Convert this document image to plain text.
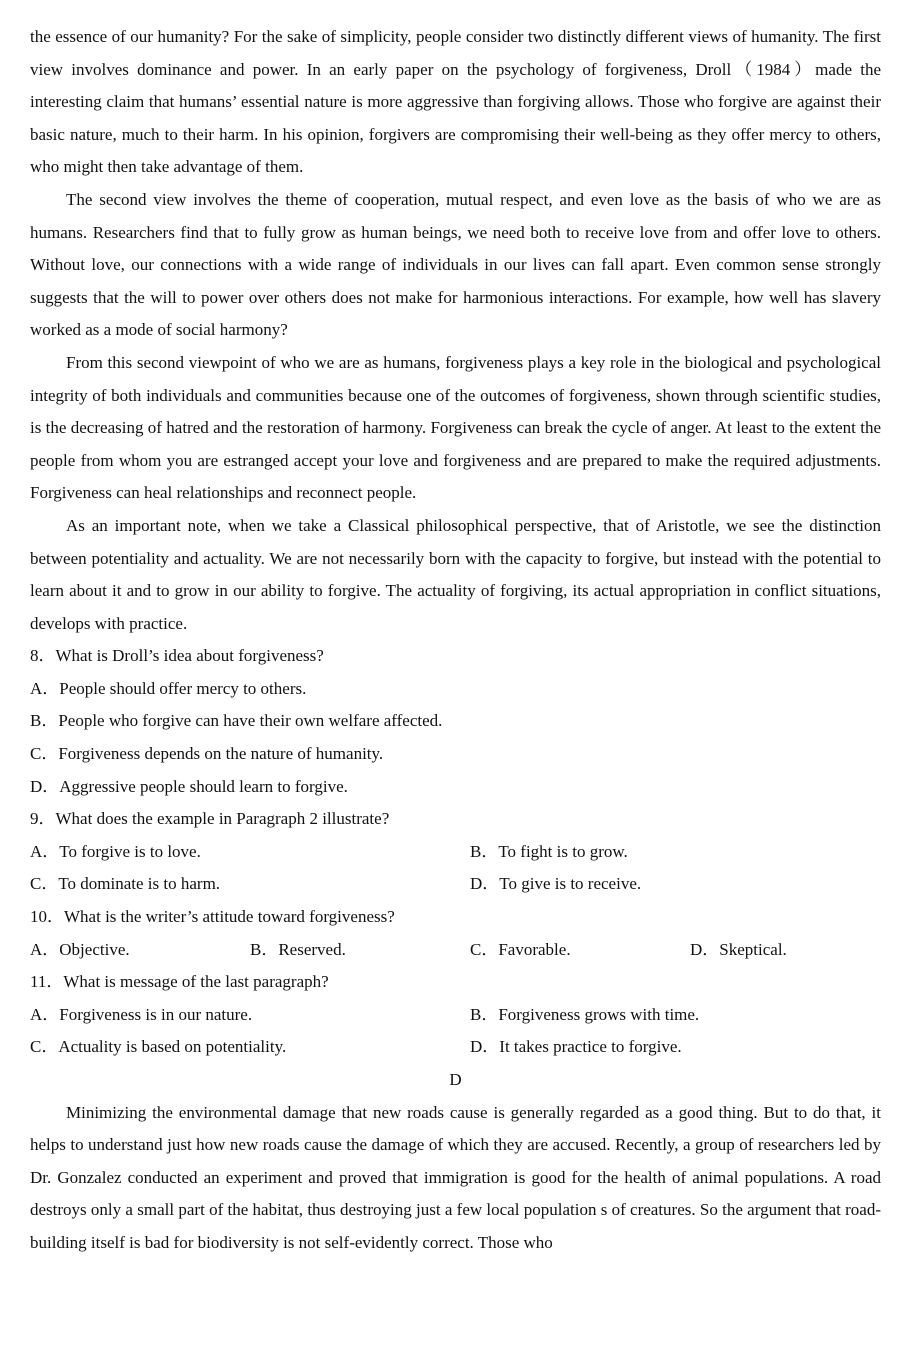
the essence of our humanity? For the sake of simplicity, people consider two distinctly different views of humanity. The first view involves dominance and power. In an early paper on the psychology of forgiveness, Droll（1984）made the interesting claim that humans’ essential nature is more aggressive than forgiving allows. Those who forgive are against their basic nature, much to their harm. In his opinion, forgivers are compromising their well-being as they offer mercy to others, who might then take advantage of them.

The second view involves the theme of cooperation, mutual respect, and even love as the basis of who we are as humans. Researchers find that to fully grow as human beings, we need both to receive love from and offer love to others. Without love, our connections with a wide range of individuals in our lives can fall apart. Even common sense strongly suggests that the will to power over others does not make for harmonious interactions. For example, how well has slavery worked as a mode of social harmony?

From this second viewpoint of who we are as humans, forgiveness plays a key role in the biological and psychological integrity of both individuals and communities because one of the outcomes of forgiveness, shown through scientific studies, is the decreasing of hatred and the restoration of harmony. Forgiveness can break the cycle of anger. At least to the extent the people from whom you are estranged accept your love and forgiveness and are prepared to make the required adjustments. Forgiveness can heal relationships and reconnect people.

As an important note, when we take a Classical philosophical perspective, that of Aristotle, we see the distinction between potentiality and actuality. We are not necessarily born with the capacity to forgive, but instead with the potential to learn about it and to grow in our ability to forgive. The actuality of forgiving, its actual appropriation in conflict situations, develops with practice.

8．What is Droll’s idea about forgiveness?

A．People should offer mercy to others.

B．People who forgive can have their own welfare affected.

C．Forgiveness depends on the nature of humanity.

D．Aggressive people should learn to forgive.

9．What does the example in Paragraph 2 illustrate?

A．To forgive is to love.	B．To fight is to grow.
C．To dominate is to harm.	D．To give is to receive.

10．What is the writer’s attitude toward forgiveness?

A．Objective.	B．Reserved.	C．Favorable.	D．Skeptical.

11．What is message of the last paragraph?

A．Forgiveness is in our nature.	B．Forgiveness grows with time.
C．Actuality is based on potentiality.	D．It takes practice to forgive.

D

Minimizing the environmental damage that new roads cause is generally regarded as a good thing. But to do that, it helps to understand just how new roads cause the damage of which they are accused. Recently, a group of researchers led by Dr. Gonzalez conducted an experiment and proved that immigration is good for the health of animal populations. A road destroys only a small part of the habitat, thus destroying just a few local population s of creatures. So the argument that road-building itself is bad for biodiversity is not self-evidently correct. Those who
